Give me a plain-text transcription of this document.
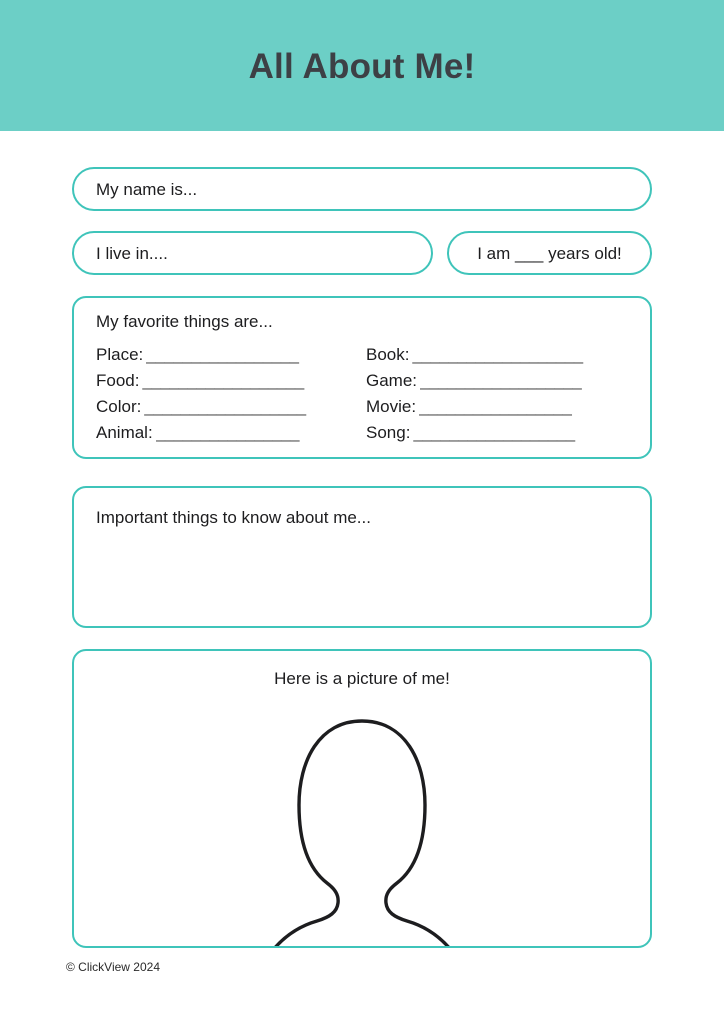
All About Me!
My name is...
I live in....	I am ___ years old!
My favorite things are...
Place: _________________	Book: ___________________
Food: __________________	Game: __________________
Color: __________________	Movie: _________________
Animal: ________________	Song: __________________
Important things to know about me...
Here is a picture of me!
© ClickView 2024
